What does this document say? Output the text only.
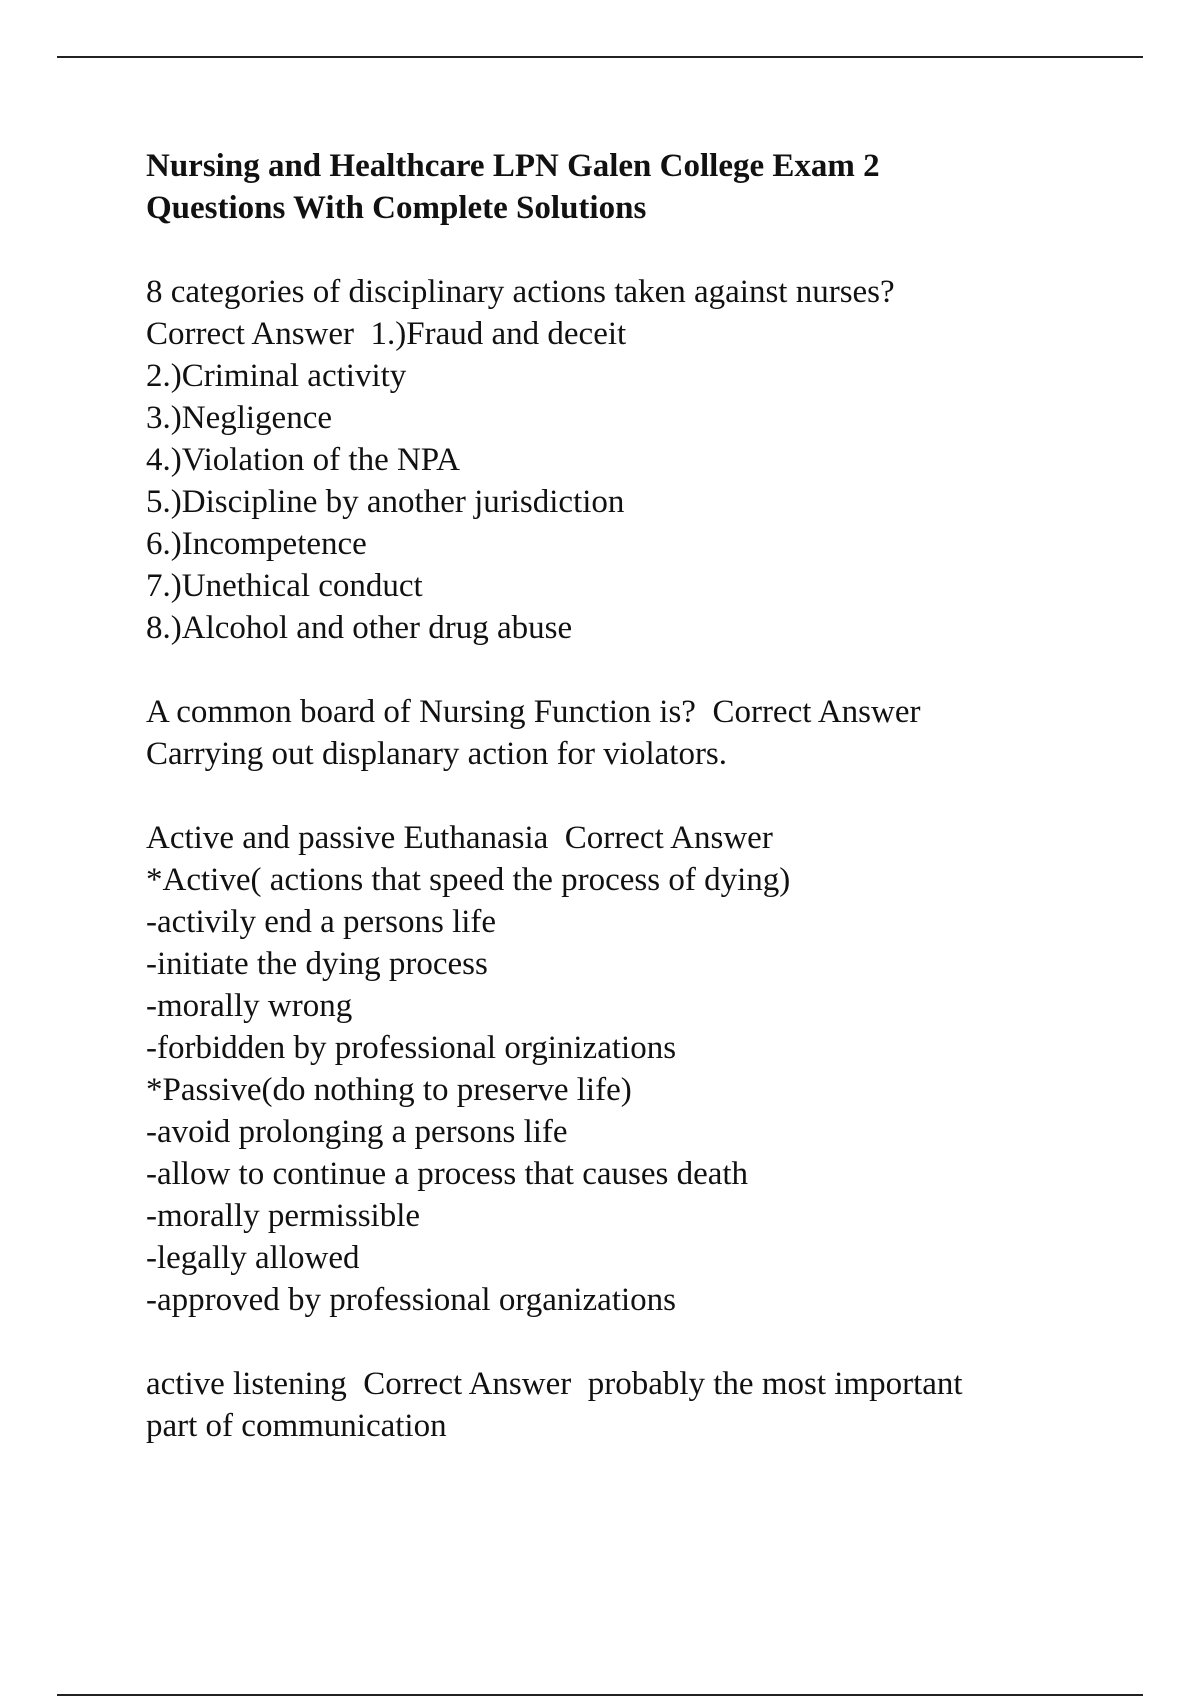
Nursing and Healthcare LPN Galen College Exam 2
Questions With Complete Solutions
8 categories of disciplinary actions taken against nurses?
Correct Answer  1.)Fraud and deceit
2.)Criminal activity
3.)Negligence
4.)Violation of the NPA
5.)Discipline by another jurisdiction
6.)Incompetence
7.)Unethical conduct
8.)Alcohol and other drug abuse
A common board of Nursing Function is?  Correct Answer
Carrying out displanary action for violators.
Active and passive Euthanasia  Correct Answer
*Active( actions that speed the process of dying)
-activily end a persons life
-initiate the dying process
-morally wrong
-forbidden by professional orginizations
*Passive(do nothing to preserve life)
-avoid prolonging a persons life
-allow to continue a process that causes death
-morally permissible
-legally allowed
-approved by professional organizations
active listening  Correct Answer  probably the most important
part of communication
